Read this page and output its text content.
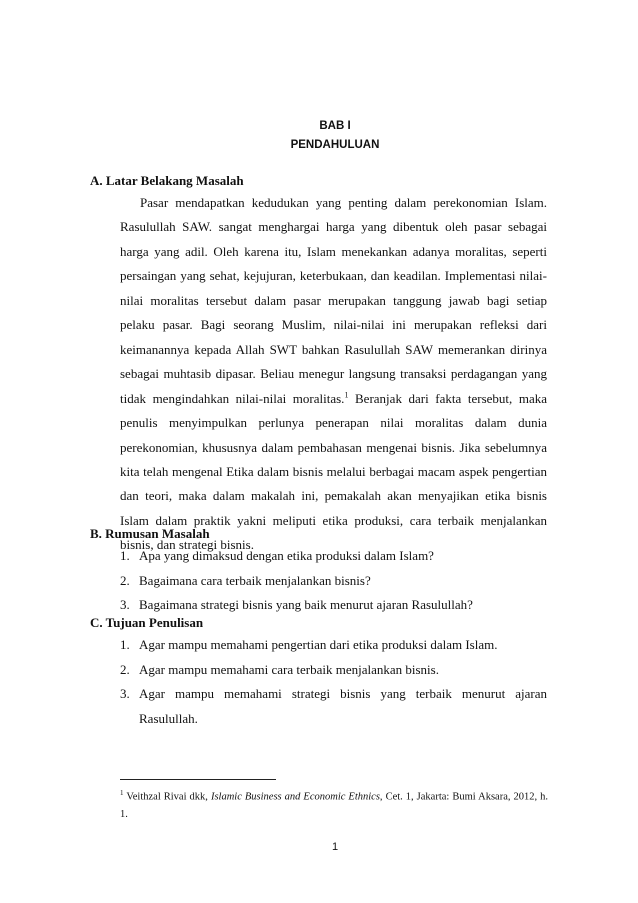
BAB I
PENDAHULUAN
A. Latar Belakang Masalah

Pasar mendapatkan kedudukan yang penting dalam perekonomian Islam. Rasulullah SAW. sangat menghargai harga yang dibentuk oleh pasar sebagai harga yang adil. Oleh karena itu, Islam menekankan adanya moralitas, seperti persaingan yang sehat, kejujuran, keterbukaan, dan keadilan. Implementasi nilai-nilai moralitas tersebut dalam pasar merupakan tanggung jawab bagi setiap pelaku pasar. Bagi seorang Muslim, nilai-nilai ini merupakan refleksi dari keimanannya kepada Allah SWT bahkan Rasulullah SAW memerankan dirinya sebagai muhtasib dipasar. Beliau menegur langsung transaksi perdagangan yang tidak mengindahkan nilai-nilai moralitas.$^1$ Beranjak dari fakta tersebut, maka penulis menyimpulkan perlunya penerapan nilai moralitas dalam dunia perekonomian, khususnya dalam pembahasan mengenai bisnis. Jika sebelumnya kita telah mengenal Etika dalam bisnis melalui berbagai macam aspek pengertian dan teori, maka dalam makalah ini, pemakalah akan menyajikan etika bisnis Islam dalam praktik yakni meliputi etika produksi, cara terbaik menjalankan bisnis, dan strategi bisnis.

B. Rumusan Masalah
1. Apa yang dimaksud dengan etika produksi dalam Islam?
2. Bagaimana cara terbaik menjalankan bisnis?
3. Bagaimana strategi bisnis yang baik menurut ajaran Rasulullah?
C. Tujuan Penulisan
1. Agar mampu memahami pengertian dari etika produksi dalam Islam.
2. Agar mampu memahami cara terbaik menjalankan bisnis.
3. Agar mampu memahami strategi bisnis yang terbaik menurut ajaran Rasulullah.
$^1$ Veithzal Rivai dkk, Islamic Business and Economic Ethnics, Cet. 1, Jakarta: Bumi Aksara, 2012, h. 1.
1
